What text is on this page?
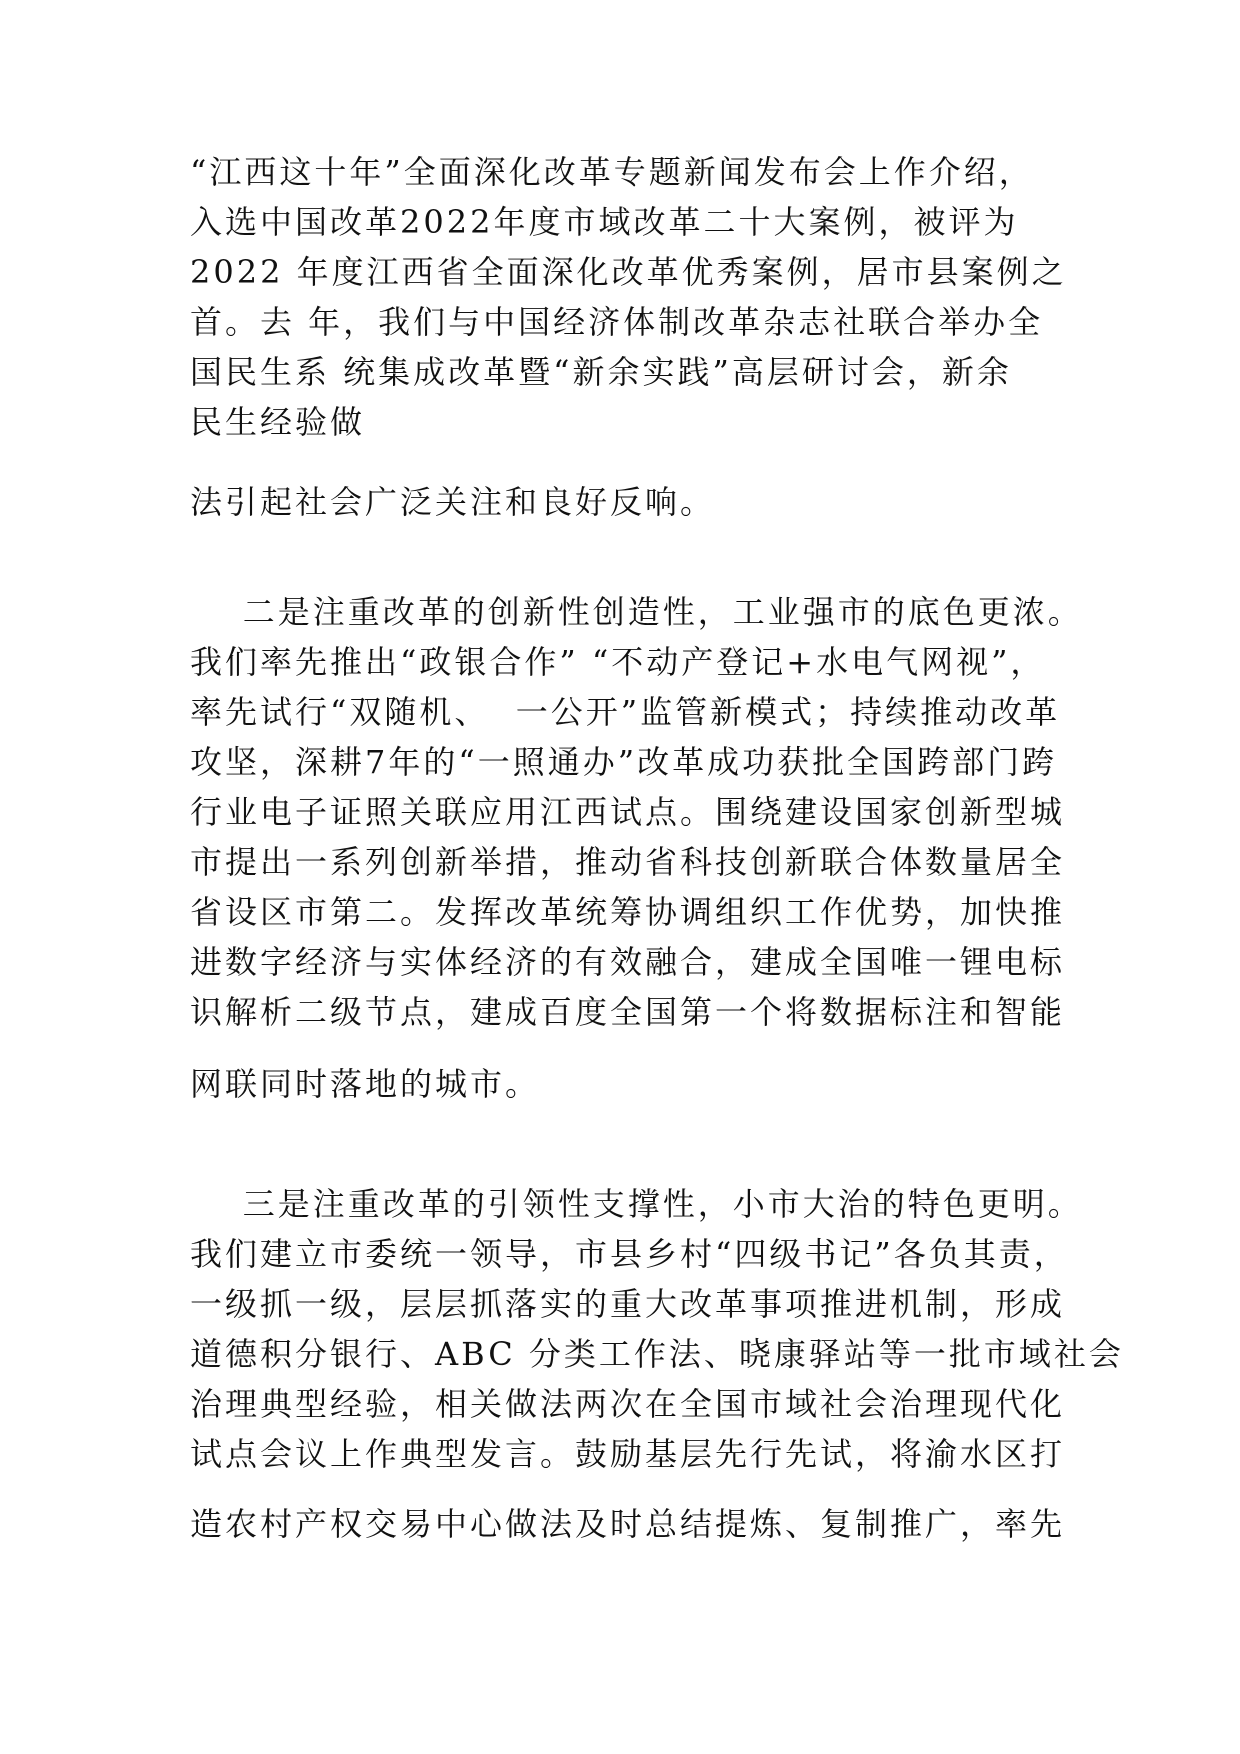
“江西这十年”全面深化改革专题新闻发布会上作介绍，
入选中国改革2022年度市域改革二十大案例，被评为
2022 年度江西省全面深化改革优秀案例，居市县案例之
首。去 年，我们与中国经济体制改革杂志社联合举办全
国民生系 统集成改革暨“新余实践”高层研讨会，新余
民生经验做
法引起社会广泛关注和良好反响。
二是注重改革的创新性创造性，工业强市的底色更浓。
我们率先推出“政银合作” “不动产登记+水电气网视”，
率先试行“双随机、  一公开”监管新模式；持续推动改革
攻坚，深耕7年的“一照通办”改革成功获批全国跨部门跨
行业电子证照关联应用江西试点。围绕建设国家创新型城
市提出一系列创新举措，推动省科技创新联合体数量居全
省设区市第二。发挥改革统筹协调组织工作优势，加快推
进数字经济与实体经济的有效融合，建成全国唯一锂电标
识解析二级节点，建成百度全国第一个将数据标注和智能
网联同时落地的城市。
三是注重改革的引领性支撑性，小市大治的特色更明。
我们建立市委统一领导，市县乡村“四级书记”各负其责，
一级抓一级，层层抓落实的重大改革事项推进机制，形成
道德积分银行、ABC 分类工作法、晓康驿站等一批市域社会
治理典型经验，相关做法两次在全国市域社会治理现代化
试点会议上作典型发言。鼓励基层先行先试，将渝水区打
造农村产权交易中心做法及时总结提炼、复制推广，率先
